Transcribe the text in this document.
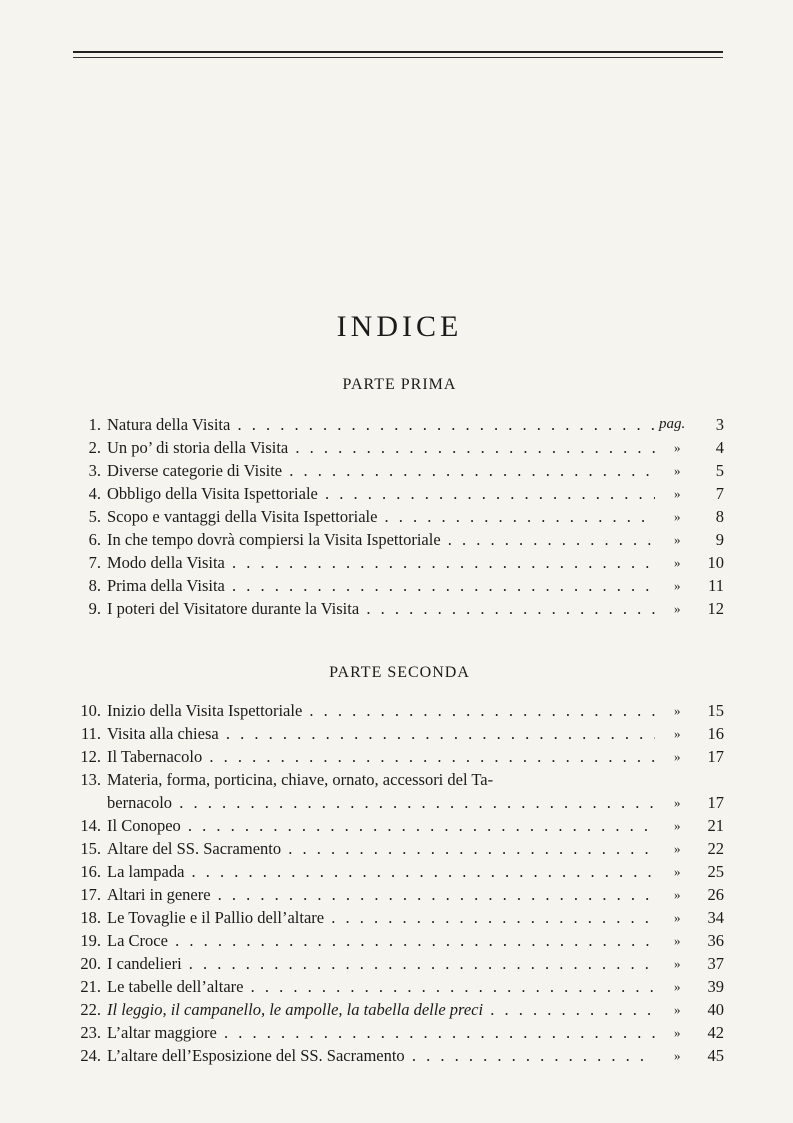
INDICE
PARTE PRIMA
1. Natura della Visita . . .	pag. 3
2. Un po’ di storia della Visita . . .	» 4
3. Diverse categorie di Visite . . .	» 5
4. Obbligo della Visita Ispettoriale . . .	» 7
5. Scopo e vantaggi della Visita Ispettoriale . . .	» 8
6. In che tempo dovrà compiersi la Visita Ispettoriale . . .	» 9
7. Modo della Visita . . .	» 10
8. Prima della Visita . . .	» 11
9. I poteri del Visitatore durante la Visita . . .	» 12
PARTE SECONDA
10. Inizio della Visita Ispettoriale . . .	» 15
11. Visita alla chiesa . . .	» 16
12. Il Tabernacolo . . .	» 17
13. Materia, forma, porticina, chiave, ornato, accessori del Ta-
bernacolo . . .	» 17
14. Il Conopeo . . .	» 21
15. Altare del SS. Sacramento . . .	» 22
16. La lampada . . .	» 25
17. Altari in genere . . .	» 26
18. Le Tovaglie e il Pallio dell’altare . . .	» 34
19. La Croce . . .	» 36
20. I candelieri . . .	» 37
21. Le tabelle dell’altare . . .	» 39
22. Il leggio, il campanello, le ampolle, la tabella delle preci . . .	» 40
23. L’altar maggiore . . .	» 42
24. L’altare dell’Esposizione del SS. Sacramento . . .	» 45
